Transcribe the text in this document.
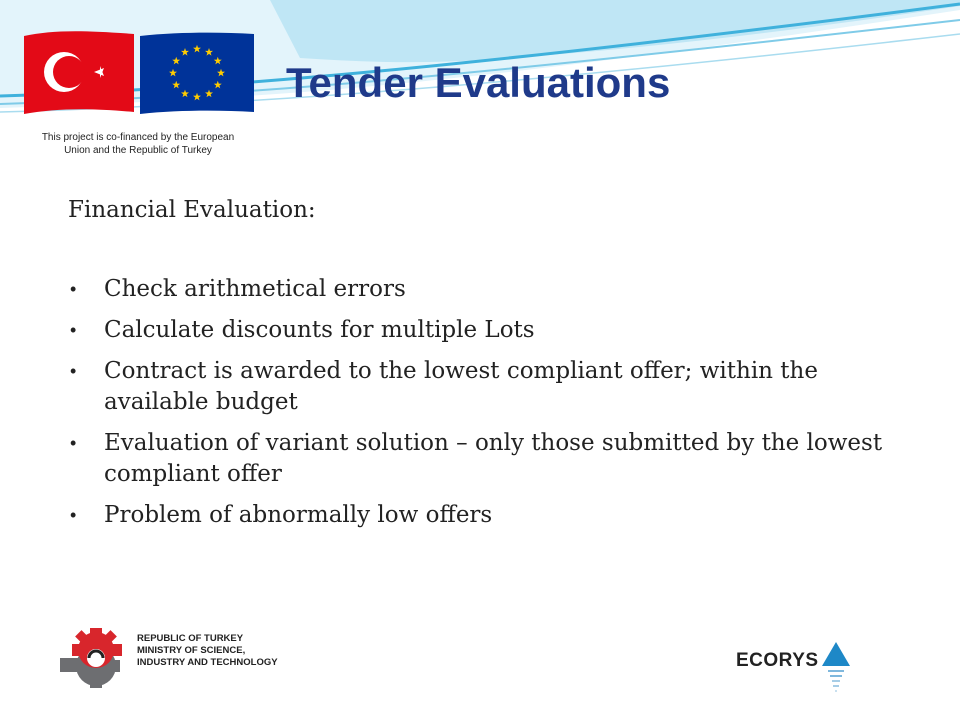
This project is co-financed by the European
Union and the Republic of Turkey
Tender Evaluations

Financial Evaluation:

• Check arithmetical errors
• Calculate discounts for multiple Lots
• Contract is awarded to the lowest compliant offer; within the available budget
• Evaluation of variant solution – only those submitted by the lowest compliant offer
• Problem of abnormally low offers
REPUBLIC OF TURKEY
MINISTRY OF SCIENCE,
INDUSTRY AND TECHNOLOGY	ECORYS
